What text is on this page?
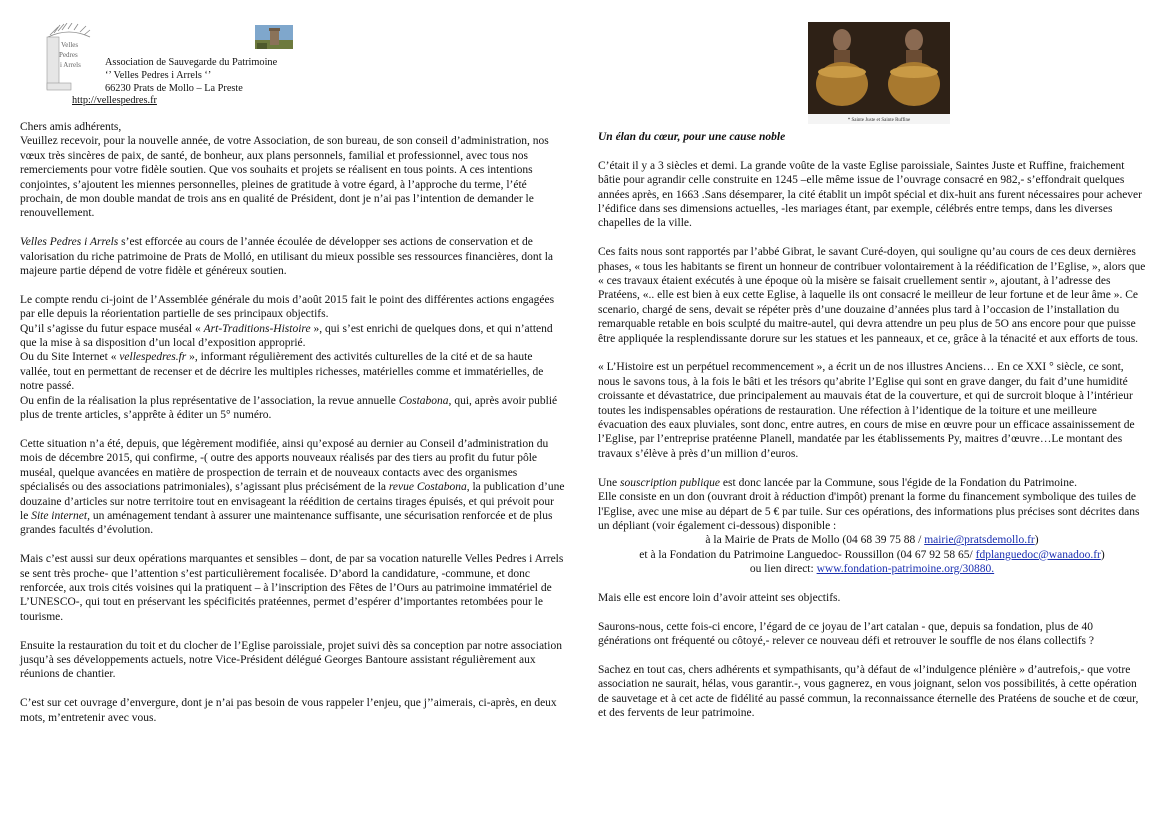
Velles
Pedres
i Arrels Association de Sauvegarde du Patrimoine
‘’ Velles Pedres i Arrels ‘’
66230 Prats de Mollo – La Preste
http://vellespedres.fr
* Sainte Juste et Sainte Ruffine

Chers amis adhérents,

Veuillez recevoir, pour la nouvelle année, de votre Association, de son bureau, de son conseil d’administration, nos vœux très sincères de paix, de santé, de bonheur, aux plans personnels, familial et professionnel, avec tous nos remerciements pour votre fidèle soutien. Que vos souhaits et projets se réalisent en tous points. A ces intentions conjointes, s’ajoutent les miennes personnelles, pleines de gratitude à votre égard, à l’approche du terme, l’été prochain, de mon double mandat de trois ans en qualité de Président, dont je n’ai pas l’intention de demander le renouvellement.

Velles Pedres i Arrels s’est efforcée au cours de l’année écoulée de développer ses actions de conservation et de valorisation du riche patrimoine de Prats de Molló, en utilisant du mieux possible ses ressources financières, dont la majeure partie dépend de votre fidèle et généreux soutien.

Le compte rendu ci-joint de l’Assemblée générale du mois d’août 2015 fait le point des différentes actions engagées par elle depuis la réorientation partielle de ses principaux objectifs.

Qu’il s’agisse du futur espace muséal « Art-Traditions-Histoire », qui s’est enrichi de quelques dons, et qui n’attend que la mise à sa disposition d’un local d’exposition approprié.

Ou du Site Internet « vellespedres.fr », informant régulièrement des activités culturelles de la cité et de sa haute vallée, tout en permettant de recenser et de décrire les multiples richesses, matérielles comme et immatérielles, de notre passé.

Ou enfin de la réalisation la plus représentative de l’association, la revue annuelle Costabona, qui, après avoir publié plus de trente articles, s’apprête à éditer un 5° numéro.

Cette situation n’a été, depuis, que légèrement modifiée, ainsi qu’exposé au dernier au Conseil d’administration du mois de décembre 2015, qui confirme, -( outre des apports nouveaux réalisés par des tiers au profit du futur pôle muséal, quelque avancées en matière de prospection de terrain et de nouveaux contacts avec des organismes spécialisés ou des associations patrimoniales), s’agissant plus précisément de la revue Costabona, la publication d’une douzaine d’articles sur notre territoire tout en envisageant la réédition de certains tirages épuisés, et qui prévoit pour le Site internet, un aménagement tendant à assurer une maintenance suffisante, une sécurisation renforcée et de plus grandes facultés d’évolution.

Mais c’est aussi sur deux opérations marquantes et sensibles – dont, de par sa vocation naturelle Velles Pedres i Arrels se sent très proche- que l’attention s’est particulièrement focalisée. D’abord la candidature, -commune, et donc renforcée, aux trois cités voisines qui la pratiquent – à l’inscription des Fêtes de l’Ours au patrimoine immatériel de L’UNESCO-, qui tout en préservant les spécificités pratéennes, permet d’espérer d’importantes retombées pour le tourisme.

Ensuite la restauration du toit et du clocher de l’Eglise paroissiale, projet suivi dès sa conception par notre association jusqu’à ses développements actuels, notre Vice-Président délégué Georges Bantoure assistant régulièrement aux réunions de chantier.

C’est sur cet ouvrage d’envergure, dont je n’ai pas besoin de vous rappeler l’enjeu, que j’’aimerais, ci-après, en deux mots, m’entretenir avec vous.

Un élan du cœur, pour une cause noble

C’était il y a 3 siècles et demi. La grande voûte de la vaste Eglise paroissiale, Saintes Juste et Ruffine, fraichement bâtie pour agrandir celle construite en 1245 –elle même issue de l’ouvrage consacré en 982,- s’effondrait quelques années après, en 1663 .Sans désemparer, la cité établit un impôt spécial et dix-huit ans furent nécessaires pour achever l’édifice dans ses dimensions actuelles, -les mariages étant, par exemple, célébrés entre temps, dans les diverses chapelles de la ville.

Ces faits nous sont rapportés par l’abbé Gibrat, le savant Curé-doyen, qui souligne qu’au cours de ces deux dernières phases, « tous les habitants se firent un honneur de contribuer volontairement à la réédification de l’Eglise, », alors que « ces travaux étaient exécutés à une époque où la misère se faisait cruellement sentir », ajoutant, à l’adresse des Pratéens, «.. elle est bien à eux cette Eglise, à laquelle ils ont consacré le meilleur de leur fortune et de leur âme ». Ce scenario, chargé de sens, devait se répéter près d’une douzaine d’années plus tard à l’occasion de l’installation du remarquable retable en bois sculpté du maitre-autel, qui devra attendre un peu plus de 5O ans encore pour que puisse être appliquée la resplendissante dorure sur les statues et les panneaux, et ce, grâce à la ténacité et aux efforts de tous.

« L’Histoire est un perpétuel recommencement », a écrit un de nos illustres Anciens… En ce XXI ° siècle, ce sont, nous le savons tous, à la fois le bâti et les trésors qu’abrite l’Eglise qui sont en grave danger, du fait d’une humidité croissante et dévastatrice, due principalement au mauvais état de la couverture, et qui de surcroit bloque à l’intérieur toutes les indispensables opérations de restauration. Une réfection à l’identique de la toiture et une meilleure évacuation des eaux pluviales, sont donc, entre autres, en cours de mise en œuvre pour un efficace assainissement de l’Eglise, par l’entreprise pratéenne Planell, mandatée par les établissements Py, maitres d’œuvre…Le montant des travaux s’élève à près d’un million d’euros.

Une souscription publique est donc lancée par la Commune, sous l'égide de la Fondation du Patrimoine.

Elle consiste en un don (ouvrant droit à réduction d'impôt) prenant la forme du financement symbolique des tuiles de l'Eglise, avec une mise au départ de 5 € par tuile. Sur ces opérations, des informations plus précises sont décrites dans un dépliant (voir également ci-dessous) disponible :

à la Mairie de Prats de Mollo (04 68 39 75 88 / mairie@pratsdemollo.fr)

et à la Fondation du Patrimoine Languedoc- Roussillon (04 67 92 58 65/ fdplanguedoc@wanadoo.fr)

ou lien direct: www.fondation-patrimoine.org/30880.

Mais elle est encore loin d’avoir atteint ses objectifs.

Saurons-nous, cette fois-ci encore, l’égard de ce joyau de l’art catalan - que, depuis sa fondation, plus de 40 générations ont fréquenté ou côtoyé,- relever ce nouveau défi et retrouver le souffle de nos élans collectifs ?

Sachez en tout cas, chers adhérents et sympathisants, qu’à défaut de «l’indulgence plénière » d’autrefois,- que votre association ne saurait, hélas, vous garantir.-, vous gagnerez, en vous joignant, selon vos possibilités, à cette opération de sauvetage et à cet acte de fidélité au passé commun, la reconnaissance éternelle des Pratéens de souche et de cœur, et des fervents de leur patrimoine.
